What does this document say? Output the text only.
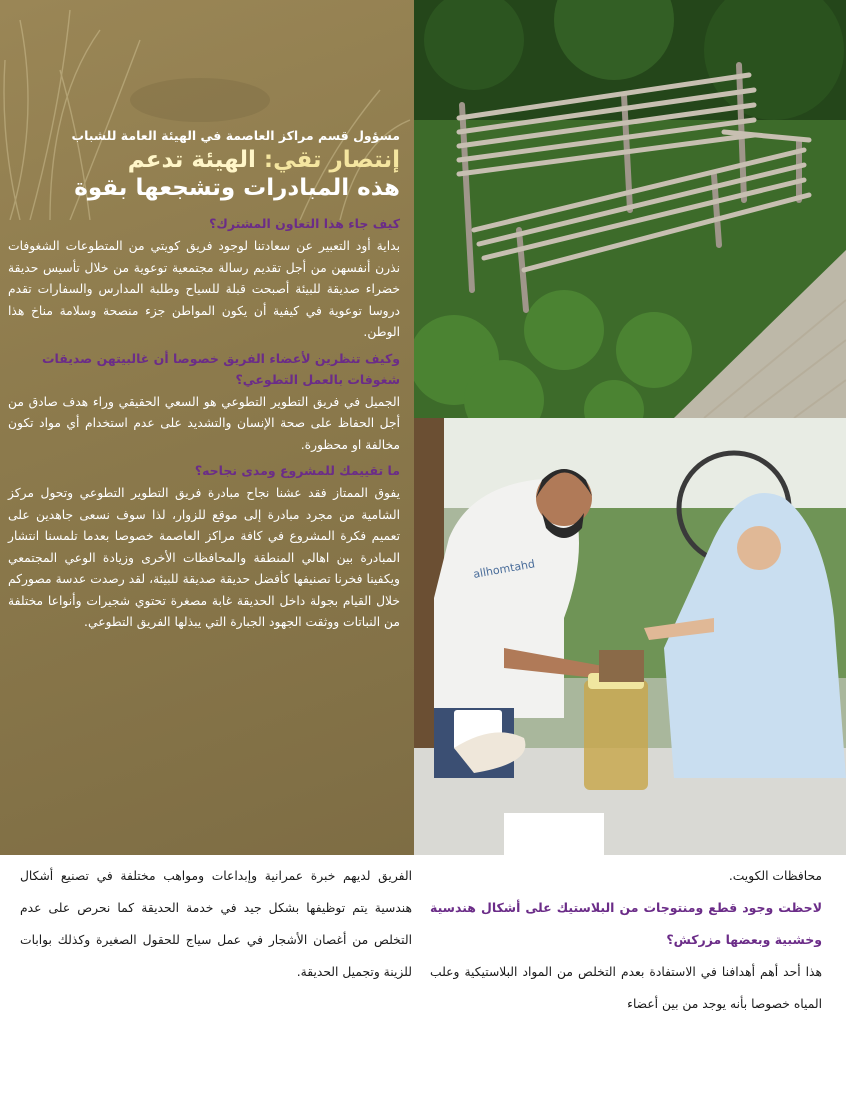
مسؤول قسم مراكز العاصمة في الهيئة العامة للشباب

إنتصار تقي: الهيئة تدعم

هذه المبادرات وتشجعها بقوة

كيف جاء هذا التعاون المشترك؟

بداية أود التعبير عن سعادتنا لوجود فريق كويتي من المتطوعات الشغوفات نذرن أنفسهن من أجل تقديم رسالة مجتمعية توعوية من خلال تأسيس حديقة خضراء صديقة للبيئة أصبحت قبلة للسياح وطلبة المدارس والسفارات تقدم دروسا توعوية في كيفية أن يكون المواطن جزء منصحة وسلامة مناخ هذا الوطن.

وكيف تنظرين لأعضاء الفريق خصوصا أن غالبيتهن صديقات شغوفات بالعمل التطوعي؟

الجميل في فريق التطوير التطوعي هو السعي الحقيقي وراء هدف صادق من أجل الحفاظ على صحة الإنسان والتشديد على عدم استخدام أي مواد تكون مخالفة او محظورة.

ما تقييمك للمشروع ومدى نجاحه؟

يفوق الممتاز فقد عشنا نجاح مبادرة فريق التطوير التطوعي وتحول مركز الشامية من مجرد مبادرة إلى موقع للزوار، لذا سوف نسعى جاهدين على تعميم فكرة المشروع في كافة مراكز العاصمة خصوصا بعدما تلمسنا انتشار المبادرة بين اهالي المنطقة والمحافظات الأخرى وزيادة الوعي المجتمعي ويكفينا فخرنا تصنيفها كأفضل حديقة صديقة للبيئة، لقد رصدت عدسة مصوركم خلال القيام بجولة داخل الحديقة غابة مصغرة تحتوي شجيرات وأنواعا مختلفة من النباتات ووثقت الجهود الجبارة التي يبذلها الفريق التطوعي.

allhomtahd

محافظات الكويت.

لاحظت وجود قطع ومنتوجات من البلاستيك على أشكال هندسية وخشبية وبعضها مزركش؟

هذا أحد أهم أهدافنا في الاستفادة بعدم التخلص من المواد البلاستيكية وعلب المياه خصوصا بأنه يوجد من بين أعضاء

الفريق لديهم خبرة عمرانية وإبداعات ومواهب مختلفة في تصنيع أشكال هندسية يتم توظيفها بشكل جيد في خدمة الحديقة كما نحرص على عدم التخلص من أغصان الأشجار في عمل سياج للحقول الصغيرة وكذلك بوابات للزينة وتجميل الحديقة.
